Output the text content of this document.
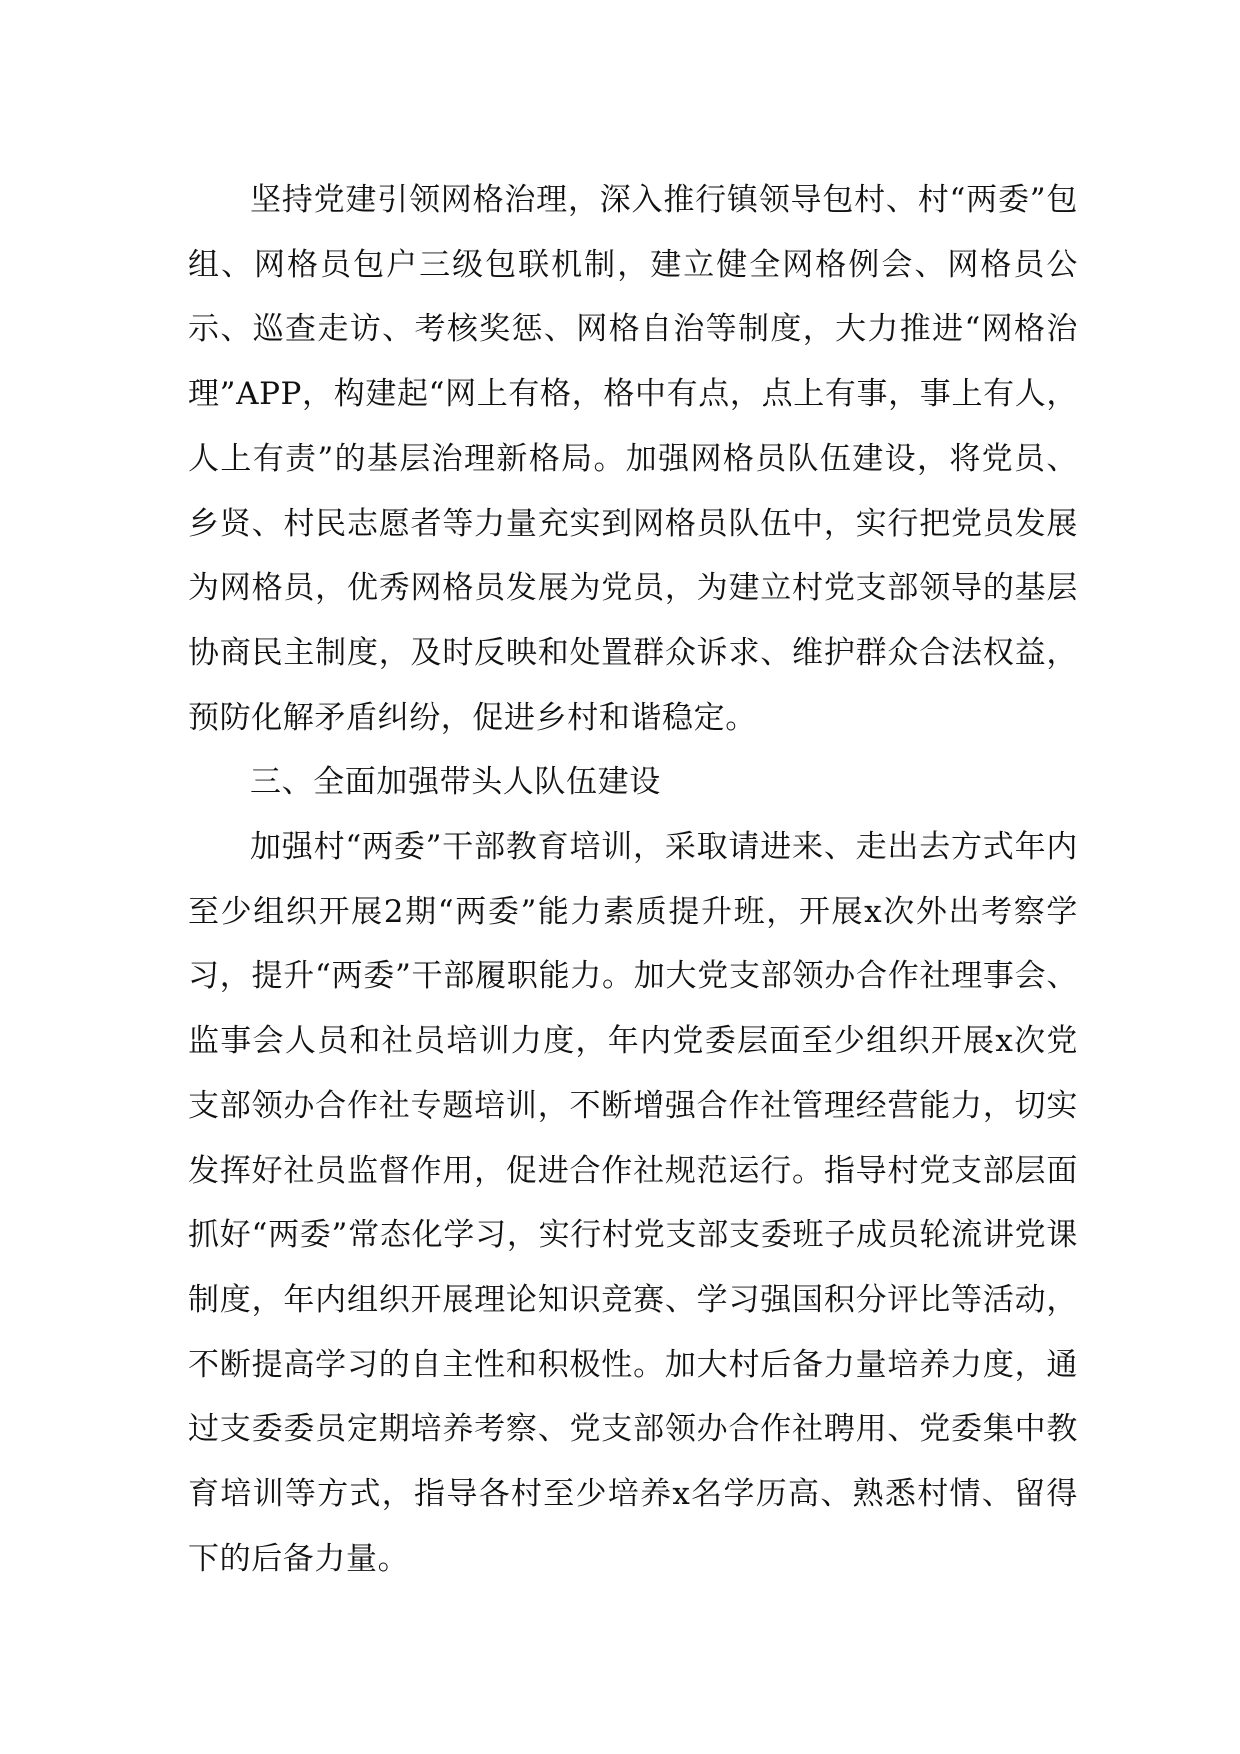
坚持党建引领网格治理，深入推行镇领导包村、村“两委”包组、网格员包户三级包联机制，建立健全网格例会、网格员公示、巡查走访、考核奖惩、网格自治等制度，大力推进“网格治理”APP，构建起“网上有格，格中有点，点上有事，事上有人，人上有责”的基层治理新格局。加强网格员队伍建设，将党员、乡贤、村民志愿者等力量充实到网格员队伍中，实行把党员发展为网格员，优秀网格员发展为党员，为建立村党支部领导的基层协商民主制度，及时反映和处置群众诉求、维护群众合法权益，预防化解矛盾纠纷，促进乡村和谐稳定。

三、全面加强带头人队伍建设

加强村“两委”干部教育培训，采取请进来、走出去方式年内至少组织开展2期“两委”能力素质提升班，开展x次外出考察学习，提升“两委”干部履职能力。加大党支部领办合作社理事会、监事会人员和社员培训力度，年内党委层面至少组织开展x次党支部领办合作社专题培训，不断增强合作社管理经营能力，切实发挥好社员监督作用，促进合作社规范运行。指导村党支部层面抓好“两委”常态化学习，实行村党支部支委班子成员轮流讲党课制度，年内组织开展理论知识竞赛、学习强国积分评比等活动，不断提高学习的自主性和积极性。加大村后备力量培养力度，通过支委委员定期培养考察、党支部领办合作社聘用、党委集中教育培训等方式，指导各村至少培养x名学历高、熟悉村情、留得下的后备力量。
